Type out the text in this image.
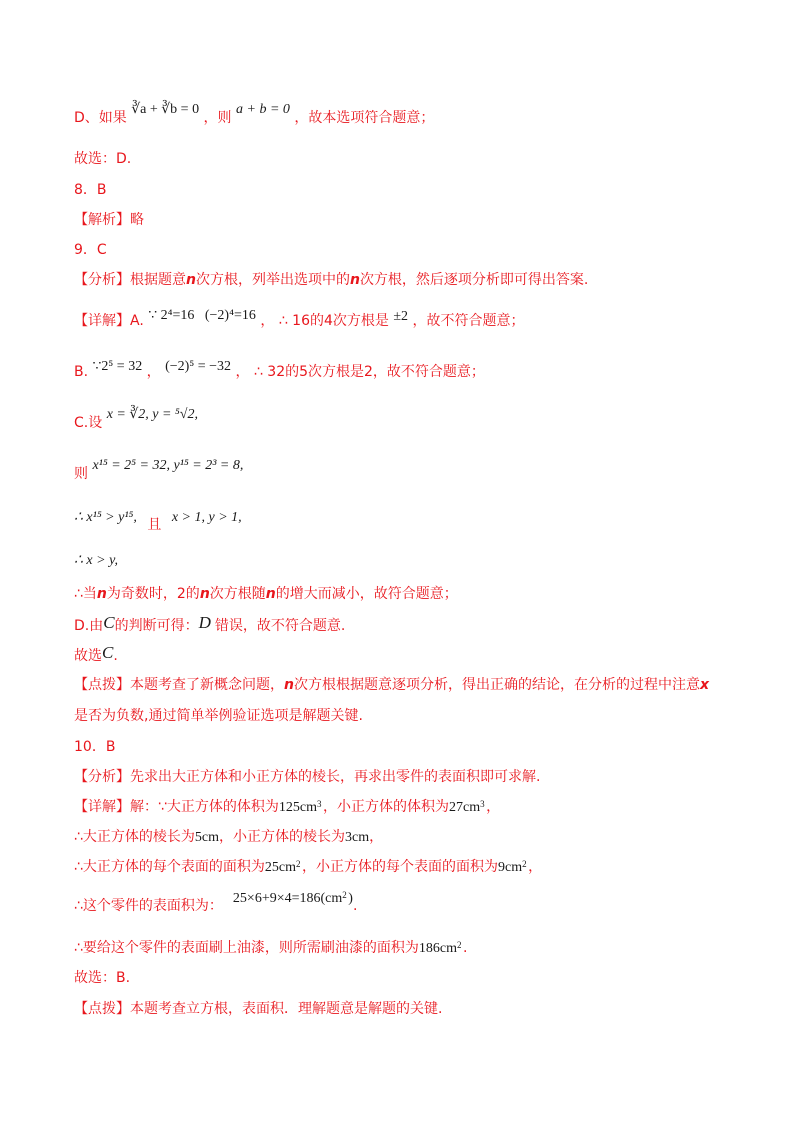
D、如果 ∛a + ∛b = 0 ，则 a + b = 0 ，故本选项符合题意；
故选：D.
8．B
【解析】略
9．C
【分析】根据题意n次方根，列举出选项中的n次方根，然后逐项分析即可得出答案.
【详解】A. ∵ 2⁴=16 (−2)⁴=16 ， ∴ 16的4次方根是 ±2 ，故不符合题意；
B. ∵2⁵ = 32 ， (−2)⁵ = −32 ， ∴ 32的5次方根是2，故不符合题意；
C.设 x = ∛2, y = ⁵√2,
则 x¹⁵ = 2⁵ = 32, y¹⁵ = 2³ = 8,
∴ x¹⁵ > y¹⁵, 且 x > 1, y > 1,
∴ x > y,
∴当n为奇数时，2的n次方根随n的增大而减小，故符合题意；
D.由C的判断可得：D 错误，故不符合题意.
故选C.
【点拨】本题考查了新概念问题，n次方根根据题意逐项分析，得出正确的结论，在分析的过程中注意x
是否为负数,通过简单举例验证选项是解题关键.
10．B
【分析】先求出大正方体和小正方体的棱长，再求出零件的表面积即可求解.
【详解】解：∵大正方体的体积为125cm 3 ，小正方体的体积为27cm 3 ，
∴大正方体的棱长为5cm，小正方体的棱长为3cm，
∴大正方体的每个表面的面积为25cm 2 ，小正方体的每个表面的面积为9cm 2 ，
∴这个零件的表面积为： 25×6+9×4=186(cm 2 ).
∴要给这个零件的表面刷上油漆，则所需刷油漆的面积为186cm 2 .
故选：B.
【点拨】本题考查立方根，表面积．理解题意是解题的关键.
